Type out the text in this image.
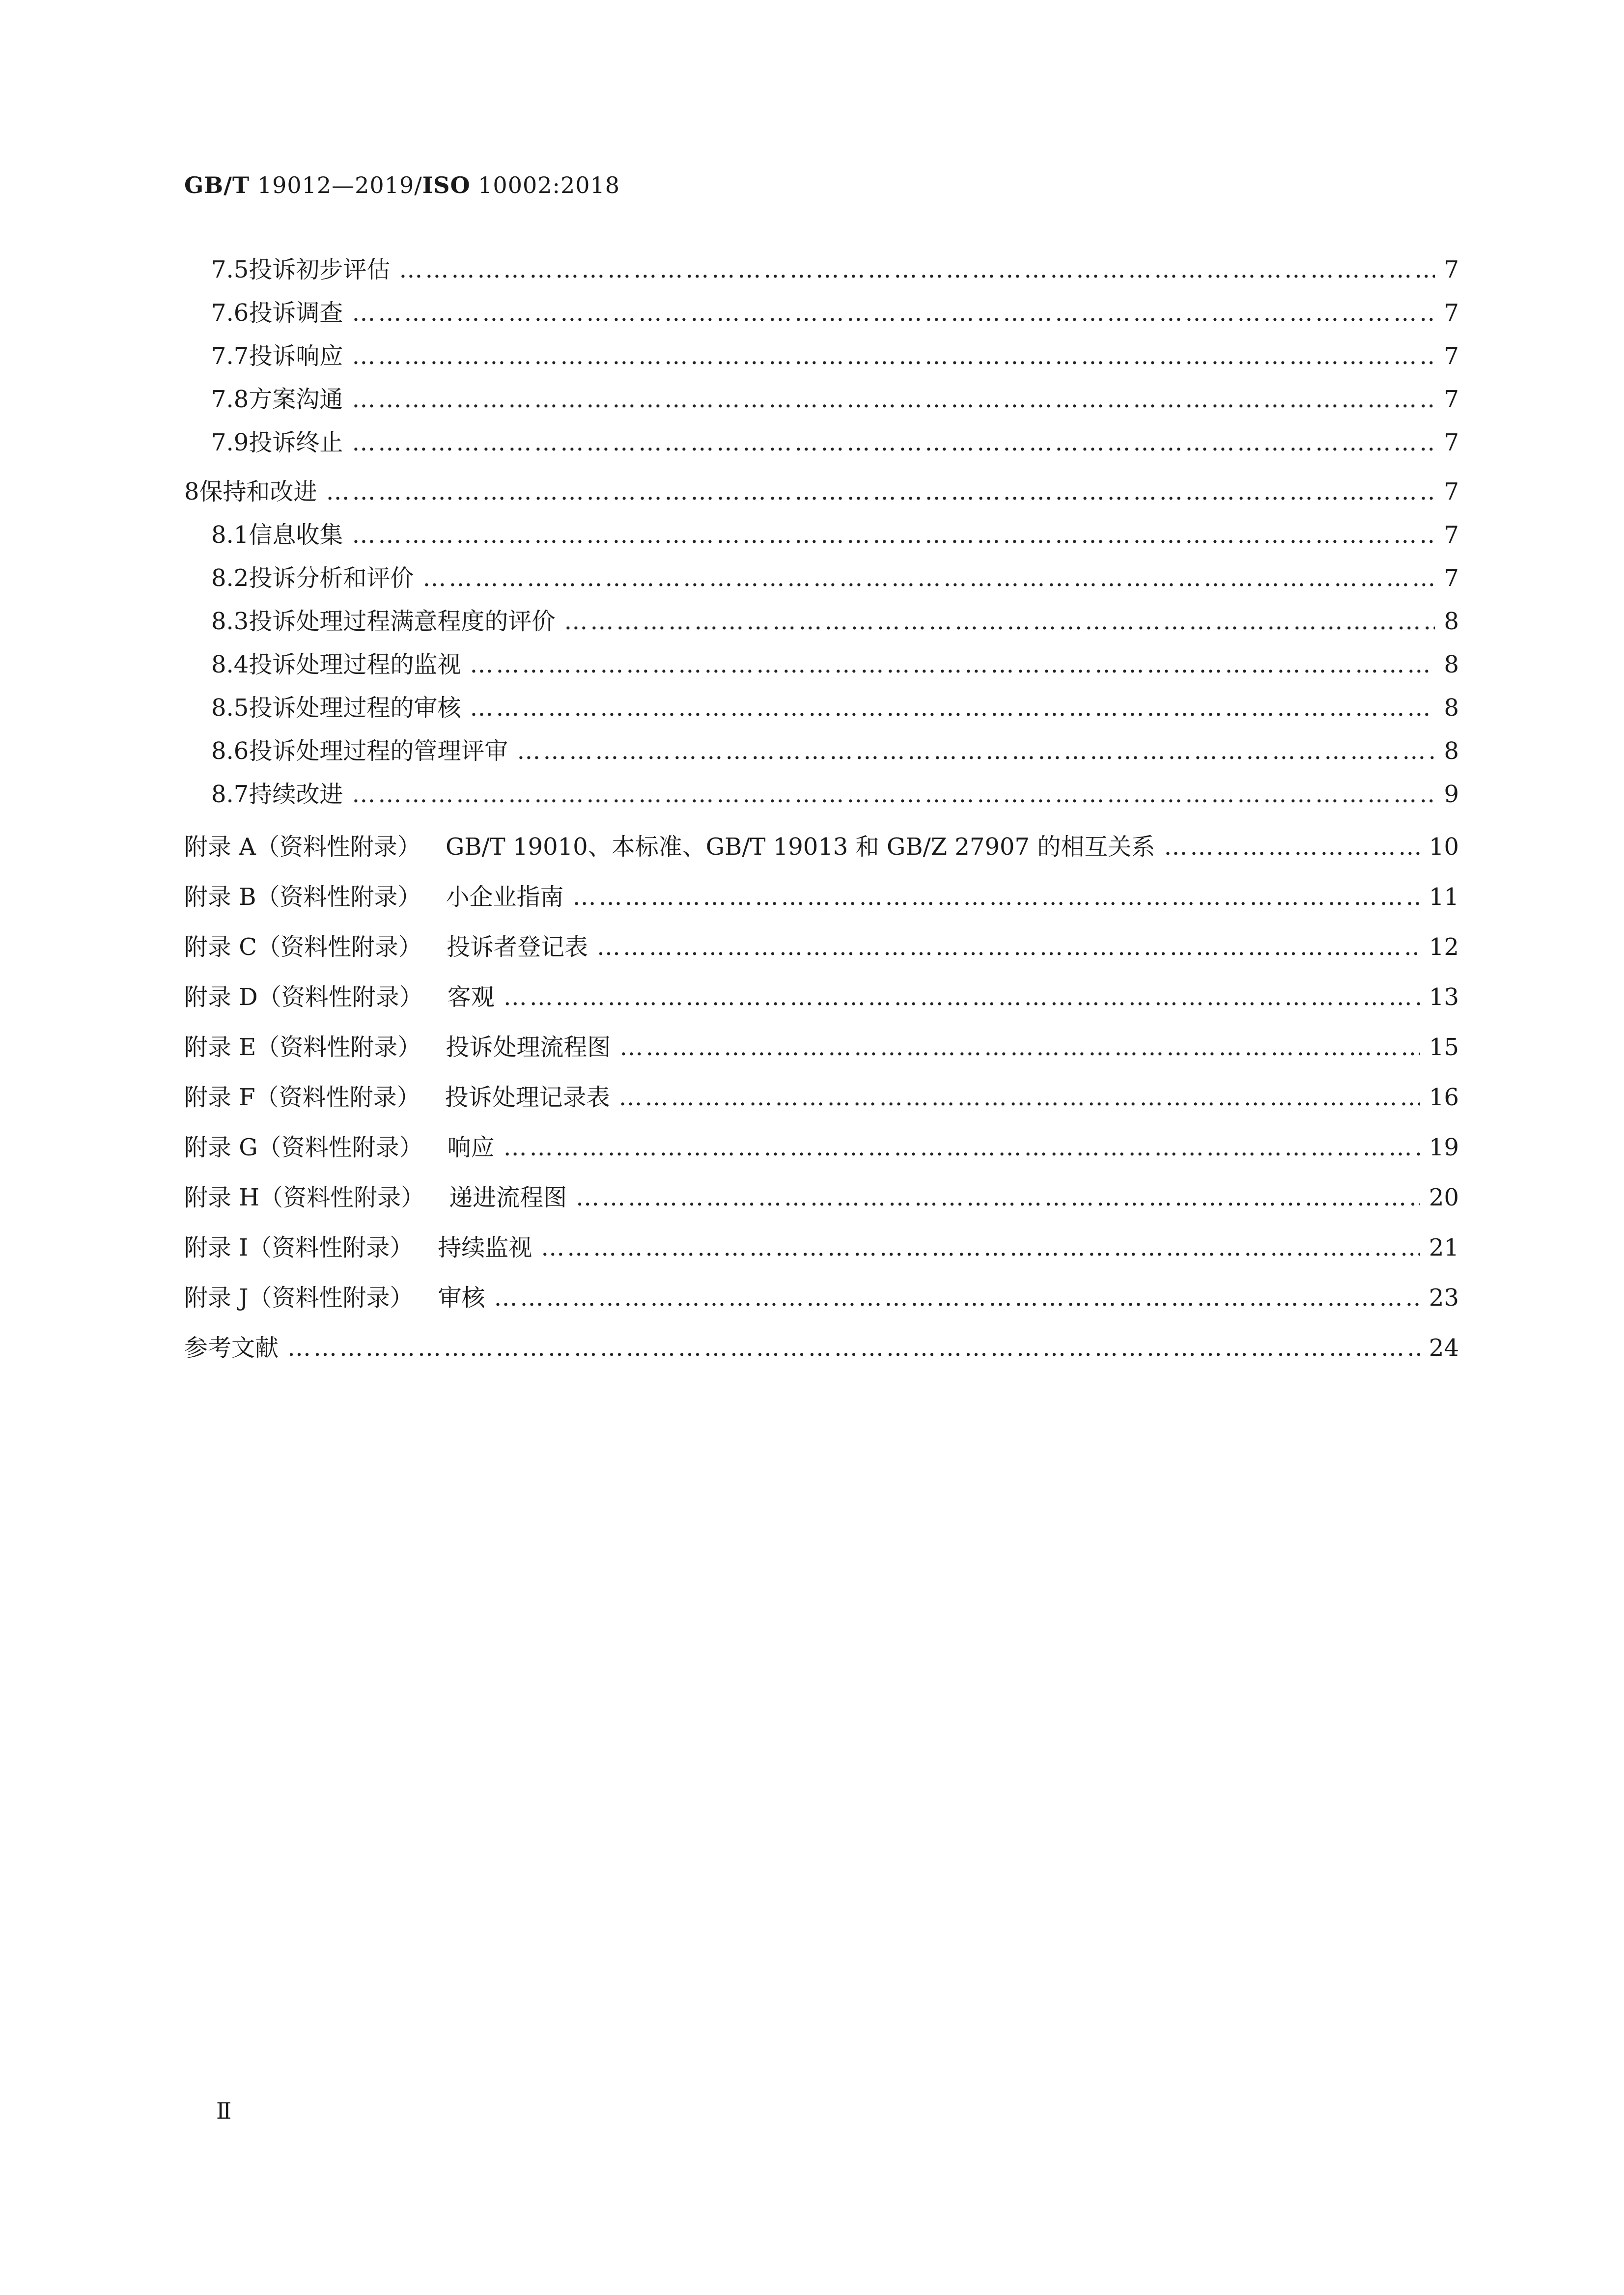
GB/T 19012—2019/ISO 10002:2018
7.5 投诉初步评估 ……………………………………………………………………………………………………………………………………………………………………………………………………………………………………………………………………………………………………	7
7.6 投诉调查 ……………………………………………………………………………………………………………………………………………………………………………………………………………………………………………………………………………………………………	7
7.7 投诉响应 ……………………………………………………………………………………………………………………………………………………………………………………………………………………………………………………………………………………………………	7
7.8 方案沟通 ……………………………………………………………………………………………………………………………………………………………………………………………………………………………………………………………………………………………………	7
7.9 投诉终止 ……………………………………………………………………………………………………………………………………………………………………………………………………………………………………………………………………………………………………	7
8 保持和改进 ……………………………………………………………………………………………………………………………………………………………………………………………………………………………………………………………………………………………………	7
8.1 信息收集 ……………………………………………………………………………………………………………………………………………………………………………………………………………………………………………………………………………………………………	7
8.2 投诉分析和评价 ……………………………………………………………………………………………………………………………………………………………………………………………………………………………………………………………………………………………………	7
8.3 投诉处理过程满意程度的评价 ……………………………………………………………………………………………………………………………………………………………………………………………………………………………………………………………………………………………………	8
8.4 投诉处理过程的监视 ……………………………………………………………………………………………………………………………………………………………………………………………………………………………………………………………………………………………………	8
8.5 投诉处理过程的审核 ……………………………………………………………………………………………………………………………………………………………………………………………………………………………………………………………………………………………………	8
8.6 投诉处理过程的管理评审 ……………………………………………………………………………………………………………………………………………………………………………………………………………………………………………………………………………………………………	8
8.7 持续改进 ……………………………………………………………………………………………………………………………………………………………………………………………………………………………………………………………………………………………………	9
附录 A（资料性附录） GB/T 19010、本标准、GB/T 19013 和 GB/Z 27907 的相互关系 ……………………………………………………………………………………………………………………………………………………………………………………………………………………………………………………………………………………………………	10
附录 B（资料性附录） 小企业指南 ……………………………………………………………………………………………………………………………………………………………………………………………………………………………………………………………………………………………………	11
附录 C（资料性附录） 投诉者登记表 ……………………………………………………………………………………………………………………………………………………………………………………………………………………………………………………………………………………………………	12
附录 D（资料性附录） 客观 ……………………………………………………………………………………………………………………………………………………………………………………………………………………………………………………………………………………………………	13
附录 E（资料性附录） 投诉处理流程图 ……………………………………………………………………………………………………………………………………………………………………………………………………………………………………………………………………………………………………	15
附录 F（资料性附录） 投诉处理记录表 ……………………………………………………………………………………………………………………………………………………………………………………………………………………………………………………………………………………………………	16
附录 G（资料性附录） 响应 ……………………………………………………………………………………………………………………………………………………………………………………………………………………………………………………………………………………………………	19
附录 H（资料性附录） 递进流程图 ……………………………………………………………………………………………………………………………………………………………………………………………………………………………………………………………………………………………………	20
附录 I（资料性附录） 持续监视 ……………………………………………………………………………………………………………………………………………………………………………………………………………………………………………………………………………………………………	21
附录 J（资料性附录） 审核 ……………………………………………………………………………………………………………………………………………………………………………………………………………………………………………………………………………………………………	23
参考文献 ……………………………………………………………………………………………………………………………………………………………………………………………………………………………………………………………………………………………………	24
Ⅱ
